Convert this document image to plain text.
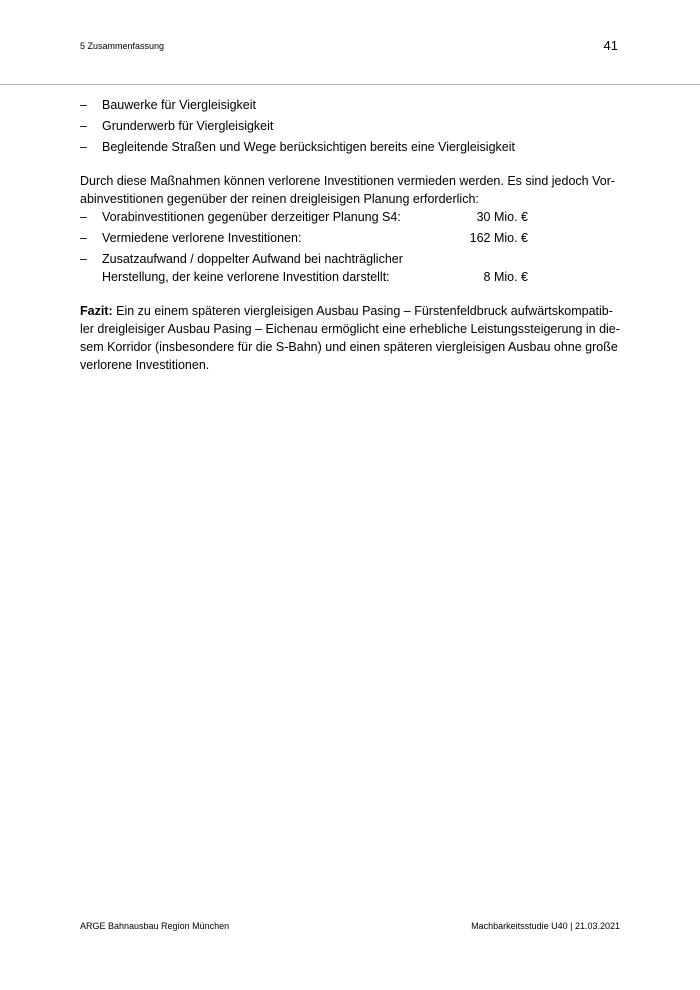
5 Zusammenfassung	41
– Bauwerke für Viergleisigkeit
– Grunderwerb für Viergleisigkeit
– Begleitende Straßen und Wege berücksichtigen bereits eine Viergleisigkeit

Durch diese Maßnahmen können verlorene Investitionen vermieden werden. Es sind jedoch Vor-abinvestitionen gegenüber der reinen dreigleisigen Planung erforderlich:

– Vorabinvestitionen gegenüber derzeitiger Planung S4:	30 Mio. €
– Vermiedene verlorene Investitionen:	162 Mio. €
– Zusatzaufwand / doppelter Aufwand bei nachträglicher Herstellung, der keine verlorene Investition darstellt:	8 Mio. €

Fazit: Ein zu einem späteren viergleisigen Ausbau Pasing – Fürstenfeldbruck aufwärtskompatib-ler dreigleisiger Ausbau Pasing – Eichenau ermöglicht eine erhebliche Leistungssteigerung in die-sem Korridor (insbesondere für die S-Bahn) und einen späteren viergleisigen Ausbau ohne große verlorene Investitionen.

ARGE Bahnausbau Region München	Machbarkeitsstudie U40 | 21.03.2021
